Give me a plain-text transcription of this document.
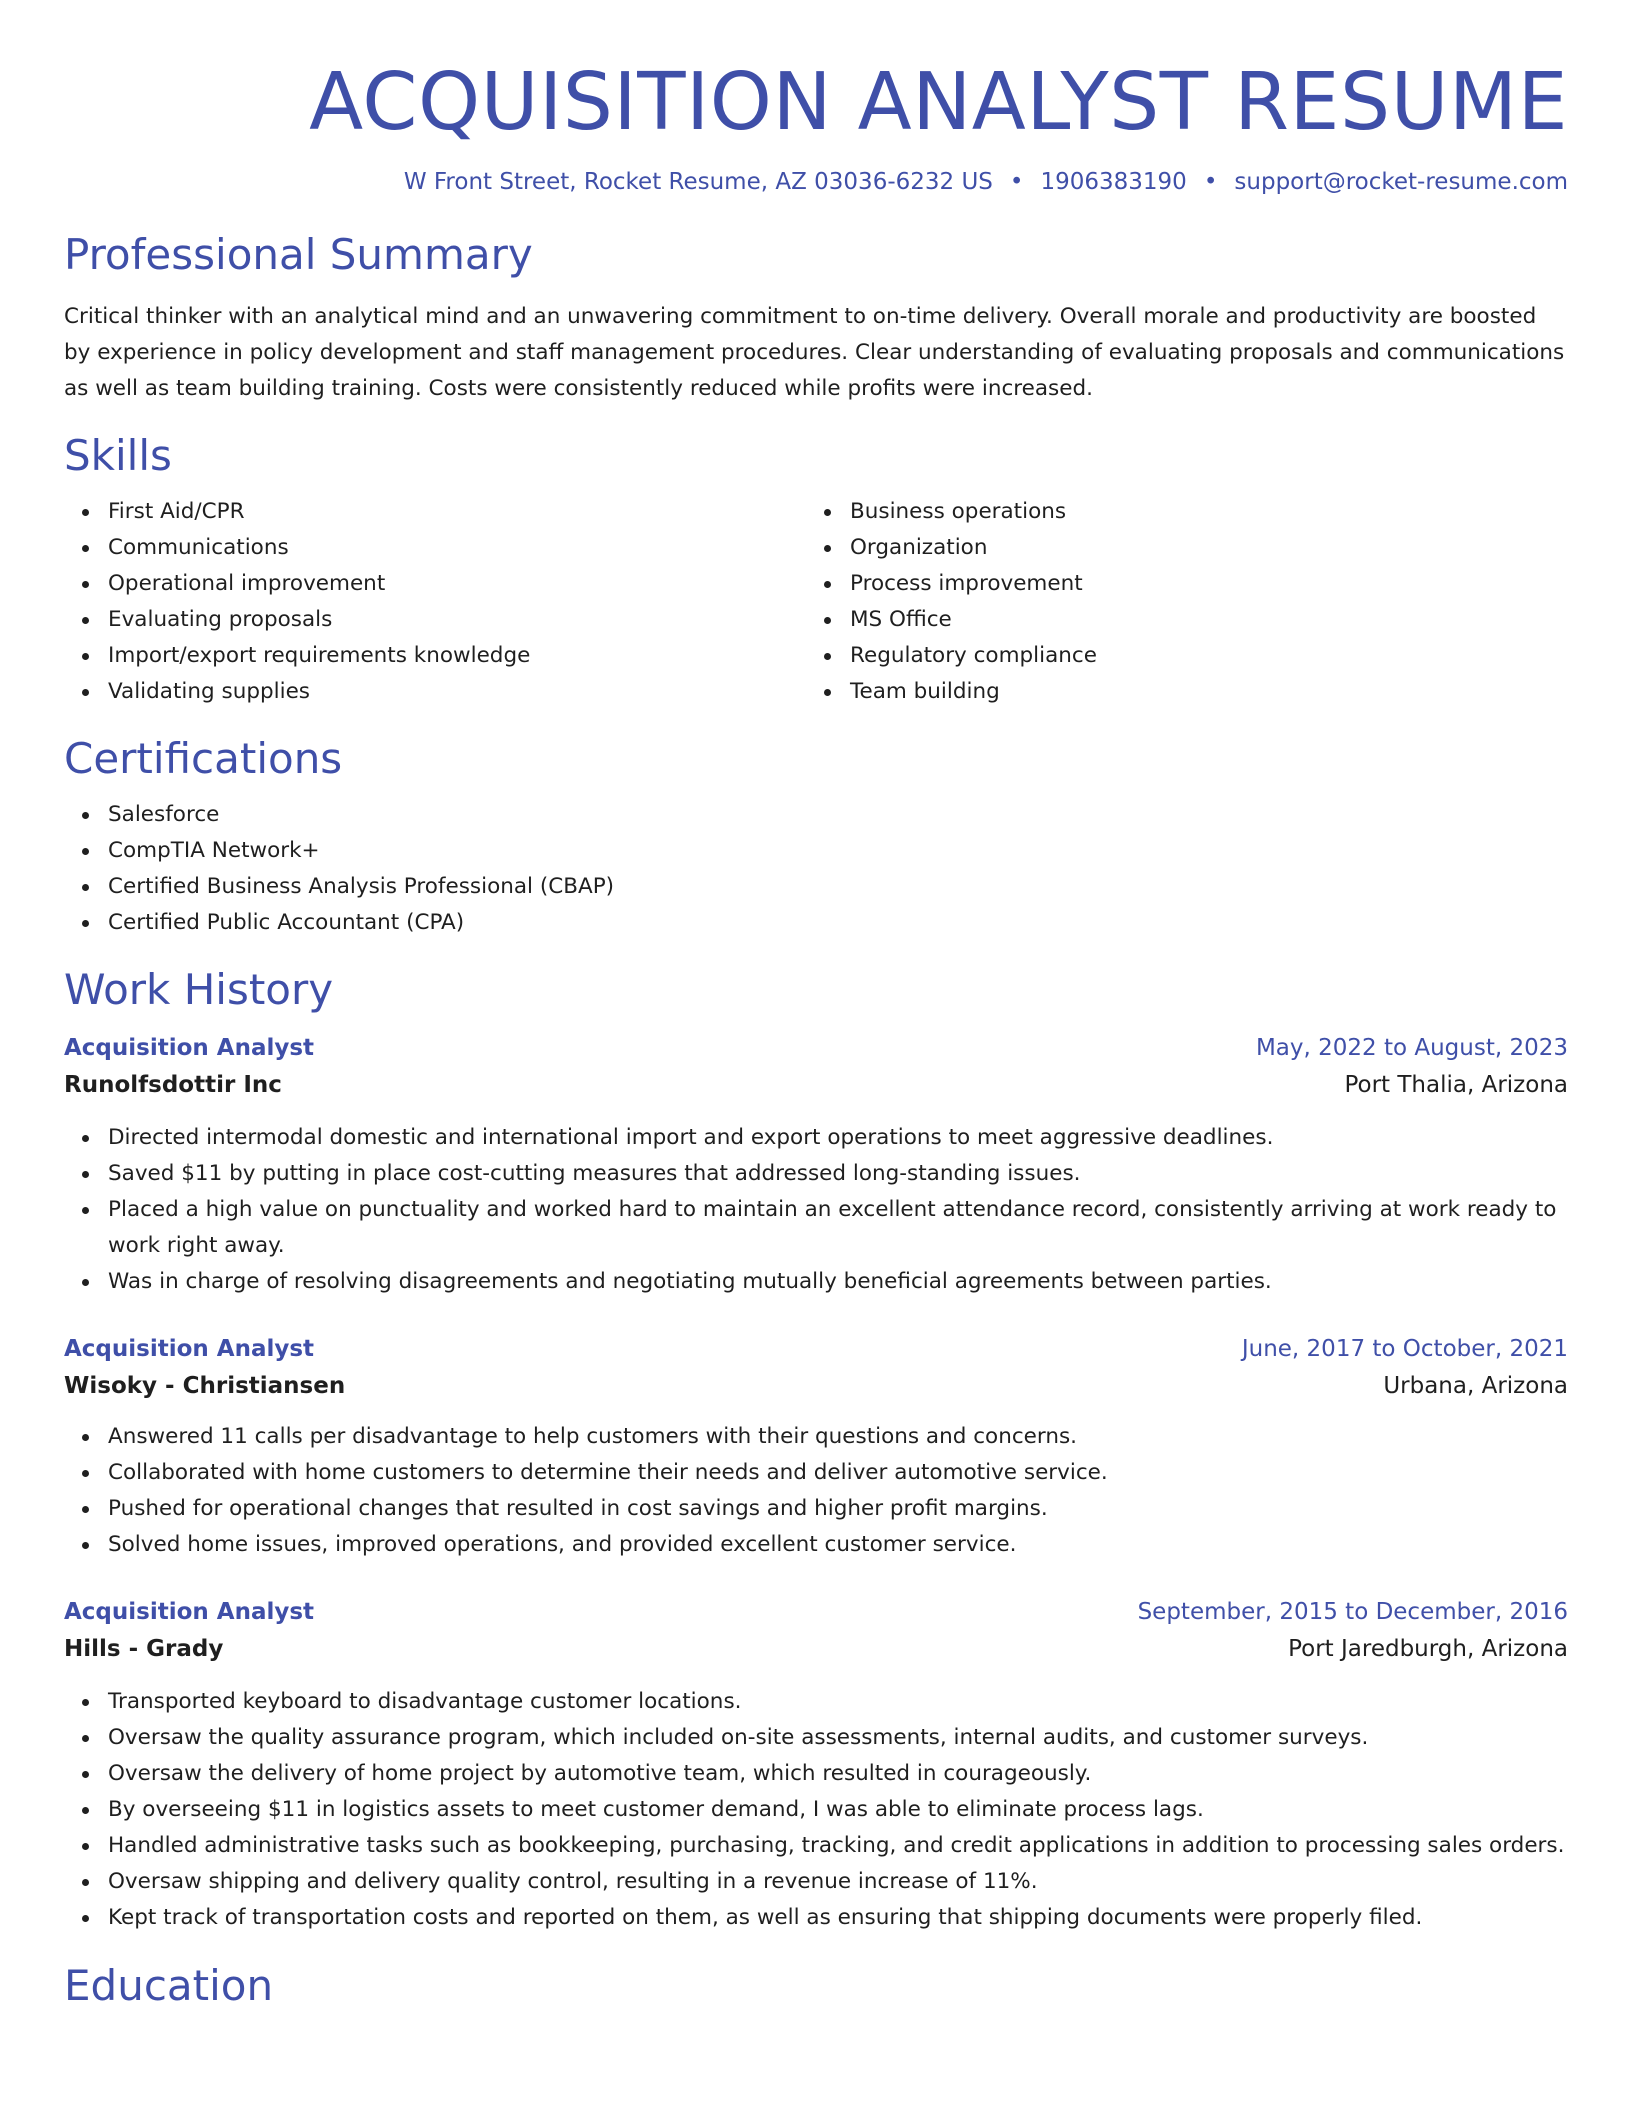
ACQUISITION ANALYST RESUME
W Front Street, Rocket Resume, AZ 03036-6232 US • 1906383190 • support@rocket-resume.com
Professional Summary

Critical thinker with an analytical mind and an unwavering commitment to on-time delivery. Overall morale and productivity are boosted by experience in policy development and staff management procedures. Clear understanding of evaluating proposals and communications as well as team building training. Costs were consistently reduced while profits were increased.

Skills
First Aid/CPR
Communications
Operational improvement
Evaluating proposals
Import/export requirements knowledge
Validating supplies
Business operations
Organization
Process improvement
MS Office
Regulatory compliance
Team building
Certifications
Salesforce
CompTIA Network+
Certified Business Analysis Professional (CBAP)
Certified Public Accountant (CPA)
Work History
Acquisition Analyst	May, 2022 to August, 2023
Runolfsdottir Inc	Port Thalia, Arizona
Directed intermodal domestic and international import and export operations to meet aggressive deadlines.
Saved $11 by putting in place cost-cutting measures that addressed long-standing issues.
Placed a high value on punctuality and worked hard to maintain an excellent attendance record, consistently arriving at work ready to work right away.
Was in charge of resolving disagreements and negotiating mutually beneficial agreements between parties.
Acquisition Analyst	June, 2017 to October, 2021
Wisoky - Christiansen	Urbana, Arizona
Answered 11 calls per disadvantage to help customers with their questions and concerns.
Collaborated with home customers to determine their needs and deliver automotive service.
Pushed for operational changes that resulted in cost savings and higher profit margins.
Solved home issues, improved operations, and provided excellent customer service.
Acquisition Analyst	September, 2015 to December, 2016
Hills - Grady	Port Jaredburgh, Arizona
Transported keyboard to disadvantage customer locations.
Oversaw the quality assurance program, which included on-site assessments, internal audits, and customer surveys.
Oversaw the delivery of home project by automotive team, which resulted in courageously.
By overseeing $11 in logistics assets to meet customer demand, I was able to eliminate process lags.
Handled administrative tasks such as bookkeeping, purchasing, tracking, and credit applications in addition to processing sales orders.
Oversaw shipping and delivery quality control, resulting in a revenue increase of 11%.
Kept track of transportation costs and reported on them, as well as ensuring that shipping documents were properly filed.
Education
